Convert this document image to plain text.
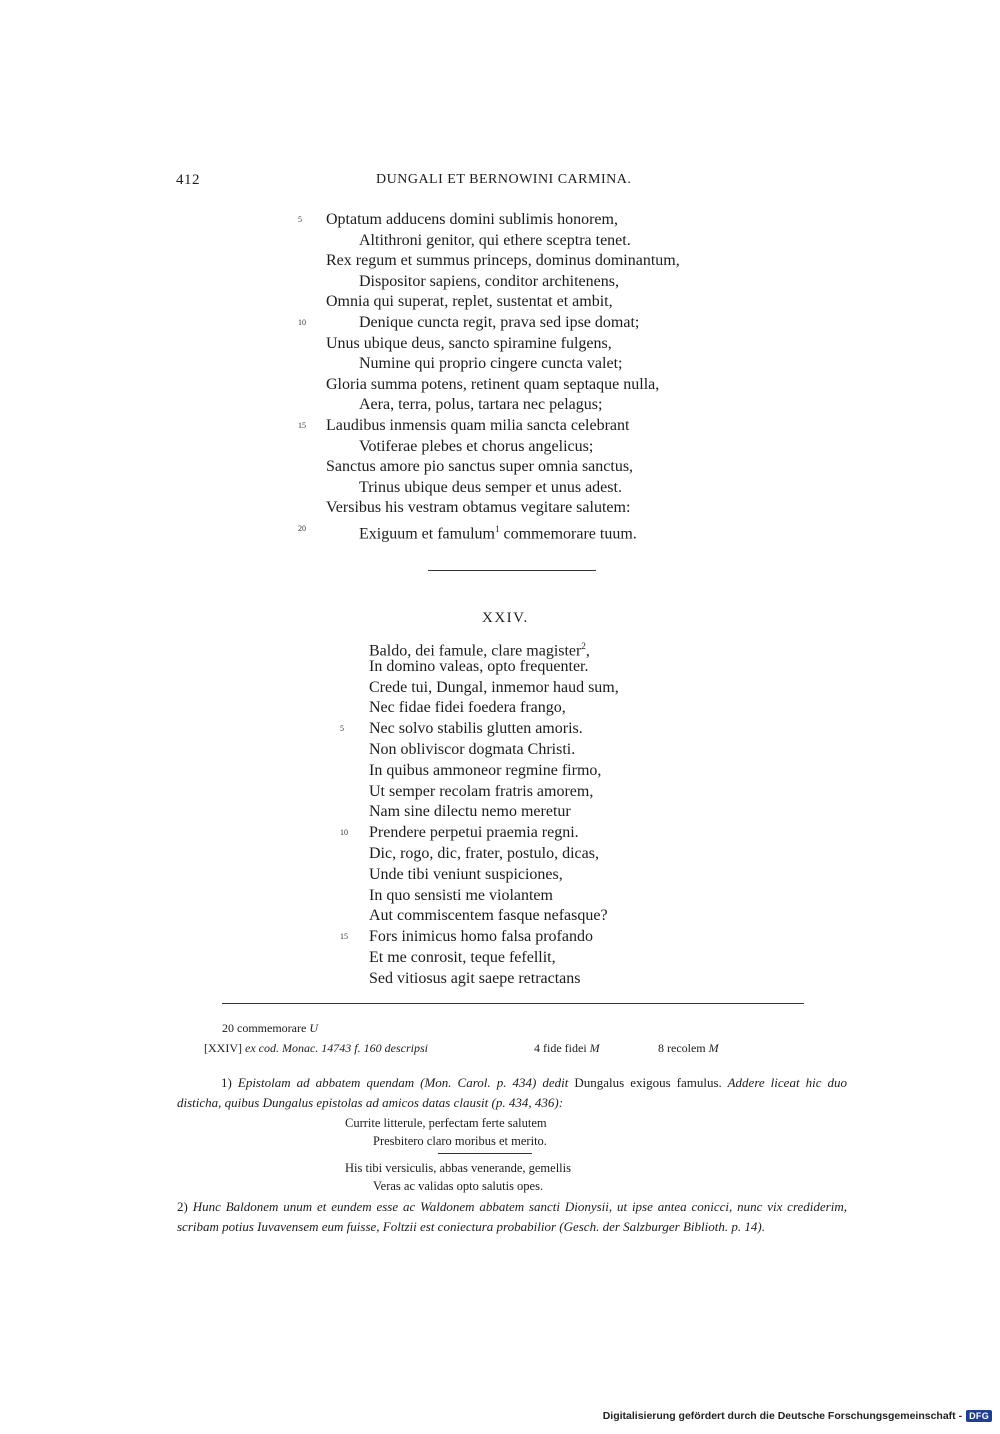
412	DUNGALI ET BERNOWINI CARMINA.
5 Optatum adducens domini sublimis honorem,
Altithroni genitor, qui ethere sceptra tenet.
Rex regum et summus princeps, dominus dominantum,
Dispositor sapiens, conditor architenens,
Omnia qui superat, replet, sustentat et ambit,
10	Denique cuncta regit, prava sed ipse domat;
Unus ubique deus, sancto spiramine fulgens,
Numine qui proprio cingere cuncta valet;
Gloria summa potens, retinent quam septaque nulla,
Aera, terra, polus, tartara nec pelagus;
15 Laudibus inmensis quam milia sancta celebrant
Votiferae plebes et chorus angelicus;
Sanctus amore pio sanctus super omnia sanctus,
Trinus ubique deus semper et unus adest.
Versibus his vestram obtamus vegitare salutem:
20	Exiguum et famulum$^1$ commemorare tuum.
XXIV.
Baldo, dei famule, clare magister$^2$,
In domino valeas, opto frequenter.
Crede tui, Dungal, inmemor haud sum,
Nec fidae fidei foedera frango,
5 Nec solvo stabilis glutten amoris.
Non obliviscor dogmata Christi.
In quibus ammoneor regmine firmo,
Ut semper recolam fratris amorem,
Nam sine dilectu nemo meretur
10 Prendere perpetui praemia regni.
Dic, rogo, dic, frater, postulo, dicas,
Unde tibi veniunt suspiciones,
In quo sensisti me violantem
Aut commiscentem fasque nefasque?
15 Fors inimicus homo falsa profando
Et me conrosit, teque fefellit,
Sed vitiosus agit saepe retractans
20 commemorare U
[XXIV] ex cod. Monac. 14743 f. 160 descripsi	4 fide fidei M	8 recolem M
1) Epistolam ad abbatem quendam (Mon. Carol. p. 434) dedit Dungalus exigous famulus. Addere liceat hic duo disticha, quibus Dungalus epistolas ad amicos datas clausit (p. 434, 436):
Currite litterule, perfectam ferte salutem
Presbitero claro moribus et merito.
His tibi versiculis, abbas venerande, gemellis
Veras ac validas opto salutis opes.
2) Hunc Baldonem unum et eundem esse ac Waldonem abbatem sancti Dionysii, ut ipse antea conicci, nunc vix crediderim, scribam potius Iuvavensem eum fuisse, Foltzii est coniectura probabilior (Gesch. der Salzburger Biblioth. p. 14).
Digitalisierung gefördert durch die Deutsche Forschungsgemeinschaft - DFG
